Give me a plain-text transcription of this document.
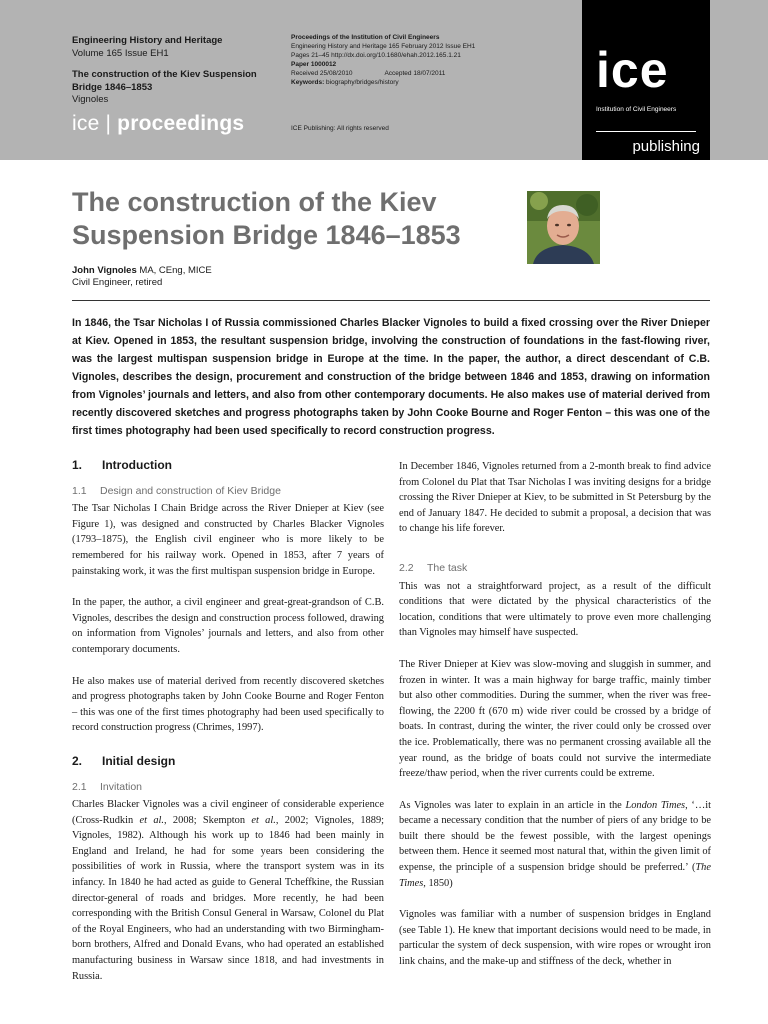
Engineering History and Heritage
Volume 165 Issue EH1
The construction of the Kiev Suspension
Bridge 1846–1853
Vignoles
ice | proceedings
Proceedings of the Institution of Civil Engineers
Engineering History and Heritage 165 February 2012 Issue EH1
Pages 21–45 http://dx.doi.org/10.1680/ehah.2012.165.1.21
Paper 1000012
Received 25/08/2010	Accepted 18/07/2011
Keywords: biography/bridges/history
ICE Publishing: All rights reserved
ice
Institution of Civil Engineers
publishing
The construction of the Kiev Suspension Bridge 1846–1853
John Vignoles MA, CEng, MICE
Civil Engineer, retired

In 1846, the Tsar Nicholas I of Russia commissioned Charles Blacker Vignoles to build a fixed crossing over the River Dnieper at Kiev. Opened in 1853, the resultant suspension bridge, involving the construction of foundations in the fast-flowing river, was the largest multispan suspension bridge in Europe at the time. In the paper, the author, a direct descendant of C.B. Vignoles, describes the design, procurement and construction of the bridge between 1846 and 1853, drawing on information from Vignoles’ journals and letters, and also from other contemporary documents. He also makes use of material derived from recently discovered sketches and progress photographs taken by John Cooke Bourne and Roger Fenton – this was one of the first times photography had been used specifically to record construction progress.

1.	Introduction
1.1	Design and construction of Kiev Bridge

The Tsar Nicholas I Chain Bridge across the River Dnieper at Kiev (see Figure 1), was designed and constructed by Charles Blacker Vignoles (1793–1875), the English civil engineer who is more likely to be remembered for his railway work. Opened in 1853, after 7 years of painstaking work, it was the first multispan suspension bridge in Europe.

In the paper, the author, a civil engineer and great-great-grandson of C.B. Vignoles, describes the design and construction process followed, drawing on information from Vignoles’ journals and letters, and also from other contemporary documents.

He also makes use of material derived from recently discovered sketches and progress photographs taken by John Cooke Bourne and Roger Fenton – this was one of the first times photography had been used specifically to record construction progress (Chrimes, 1997).

2.	Initial design
2.1	Invitation

Charles Blacker Vignoles was a civil engineer of considerable experience (Cross-Rudkin et al., 2008; Skempton et al., 2002; Vignoles, 1889; Vignoles, 1982). Although his work up to 1846 had been mainly in England and Ireland, he had for some years been considering the possibilities of work in Russia, where the transport system was in its infancy. In 1840 he had acted as guide to General Tcheffkine, the Russian director-general of roads and bridges. More recently, he had been corresponding with the British Consul General in Warsaw, Colonel du Plat of the Royal Engineers, who had an understanding with two Birmingham-born brothers, Alfred and Donald Evans, who had operated an established manufacturing business in Warsaw since 1818, and had investments in Russia.

In December 1846, Vignoles returned from a 2-month break to find advice from Colonel du Plat that Tsar Nicholas I was inviting designs for a bridge crossing the River Dnieper at Kiev, to be submitted in St Petersburg by the end of January 1847. He decided to submit a proposal, a decision that was to change his life forever.

2.2	The task

This was not a straightforward project, as a result of the difficult conditions that were dictated by the physical characteristics of the location, conditions that were ultimately to prove even more challenging than Vignoles may himself have suspected.

The River Dnieper at Kiev was slow-moving and sluggish in summer, and frozen in winter. It was a main highway for barge traffic, mainly timber but also other commodities. During the summer, when the river was free-flowing, the 2200 ft (670 m) wide river could be crossed by a bridge of boats. In contrast, during the winter, the river could only be crossed over the ice. Problematically, there was no permanent crossing available all the year round, as the bridge of boats could not survive the intermediate freeze/thaw period, when the river currents could be extreme.

As Vignoles was later to explain in an article in the London Times, ‘…it became a necessary condition that the number of piers of any bridge to be built there should be the fewest possible, with the largest openings between them. Hence it seemed most natural that, within the given limit of expense, the principle of a suspension bridge should be preferred.’ (The Times, 1850)

Vignoles was familiar with a number of suspension bridges in England (see Table 1). He knew that important decisions would need to be made, in particular the system of deck suspension, with wire ropes or wrought iron link chains, and the make-up and stiffness of the deck, whether in
